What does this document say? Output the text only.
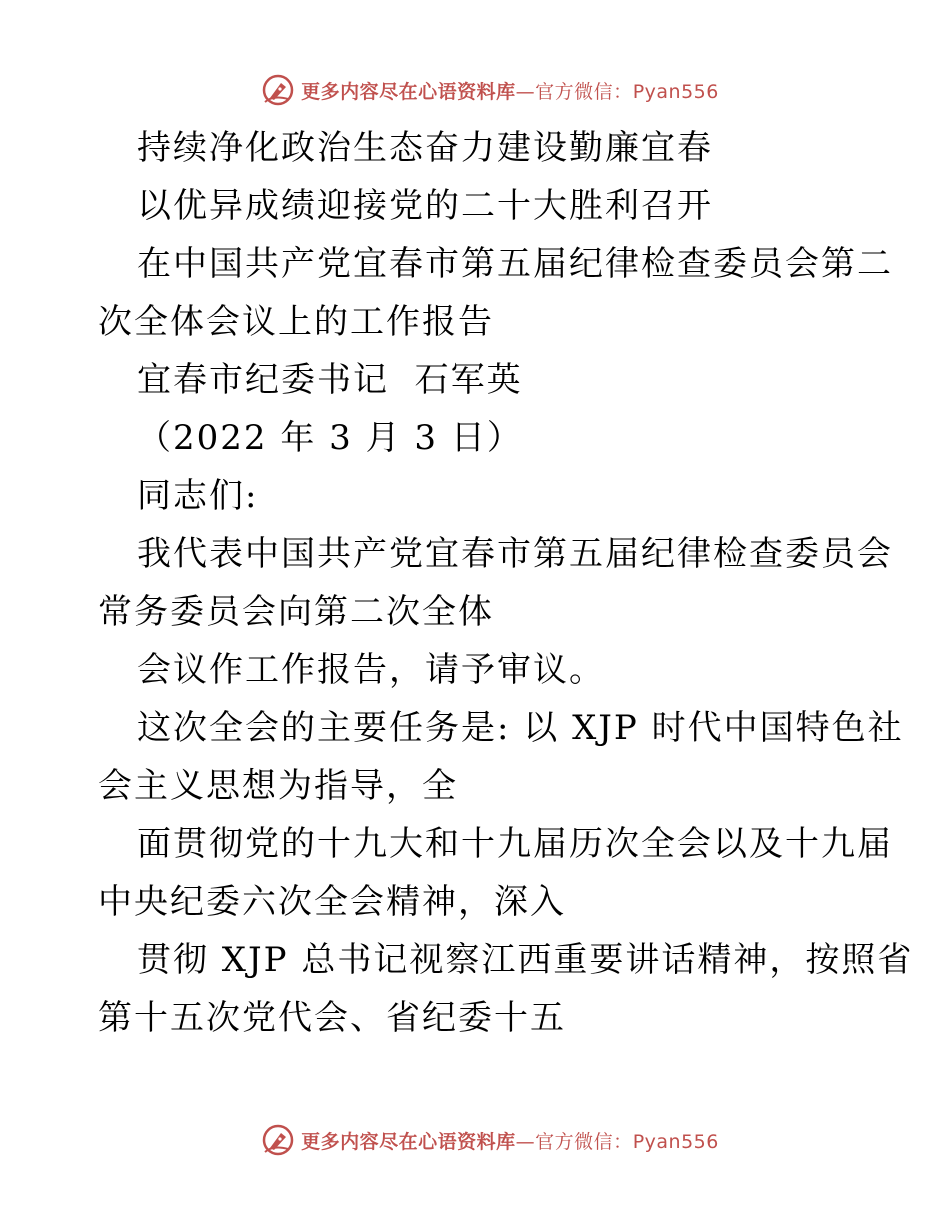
更多内容尽在心语资料库—官方微信：Pyan556
持续净化政治生态奋力建设勤廉宜春
以优异成绩迎接党的二十大胜利召开
在中国共产党宜春市第五届纪律检查委员会第二
次全体会议上的工作报告
宜春市纪委书记  石军英
（2022 年 3 月 3 日）
同志们:
我代表中国共产党宜春市第五届纪律检查委员会
常务委员会向第二次全体
会议作工作报告，请予审议。
这次全会的主要任务是: 以 XJP 时代中国特色社
会主义思想为指导，全
面贯彻党的十九大和十九届历次全会以及十九届
中央纪委六次全会精神，深入
贯彻 XJP 总书记视察江西重要讲话精神，按照省
第十五次党代会、省纪委十五
更多内容尽在心语资料库—官方微信：Pyan556
